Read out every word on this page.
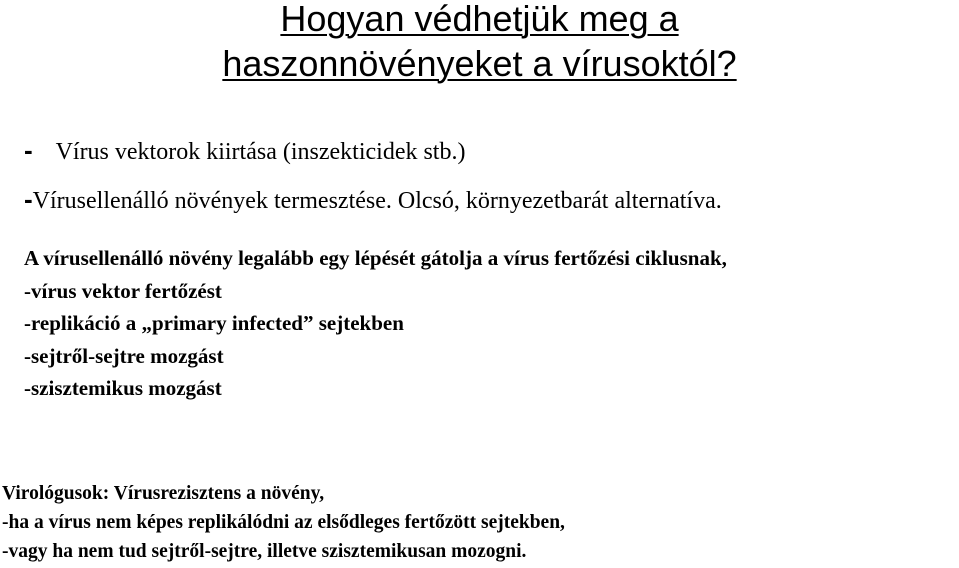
Hogyan védhetjük meg a
haszonnövényeket a vírusoktól?
- Vírus vektorok kiirtása (inszekticidek stb.)
-Vírusellenálló növények termesztése. Olcsó, környezetbarát alternatíva.
A vírusellenálló növény legalább egy lépését gátolja a vírus fertőzési ciklusnak,
-vírus vektor fertőzést
-replikáció a „primary infected” sejtekben
-sejtről-sejtre mozgást
-szisztemikus mozgást
Virológusok: Vírusrezisztens a növény,
-ha a vírus nem képes replikálódni az elsődleges fertőzött sejtekben,
-vagy ha nem tud sejtről-sejtre, illetve szisztemikusan mozogni.
